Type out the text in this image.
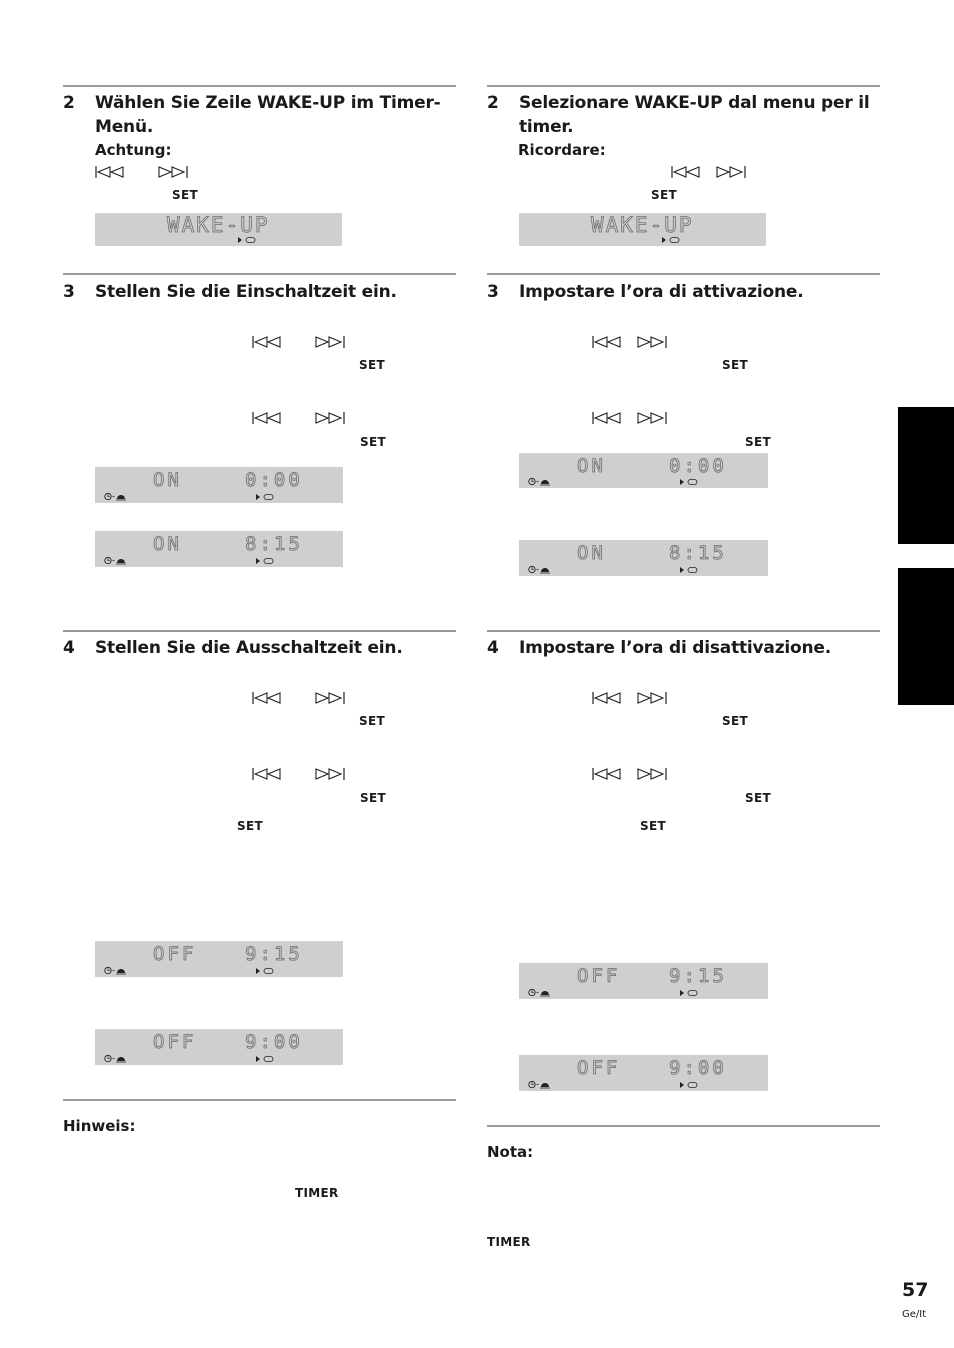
2 Wählen Sie Zeile WAKE-UP im Timer-
Menü.
Achtung:
SET
WAKE-UP
3 Stellen Sie die Einschaltzeit ein.
SET
SET
ON	0:00
ON	8:15
4 Stellen Sie die Ausschaltzeit ein.
SET
SET
SET
OFF	9:15
OFF	9:00
Hinweis:
TIMER
2 Selezionare WAKE-UP dal menu per il
timer.
Ricordare:
SET
WAKE-UP
3 Impostare l’ora di attivazione.
SET
SET
ON	0:00
ON	8:15
4 Impostare l’ora di disattivazione.
SET
SET
SET
OFF	9:15
OFF	9:00
Nota:
TIMER
57
Ge/It
